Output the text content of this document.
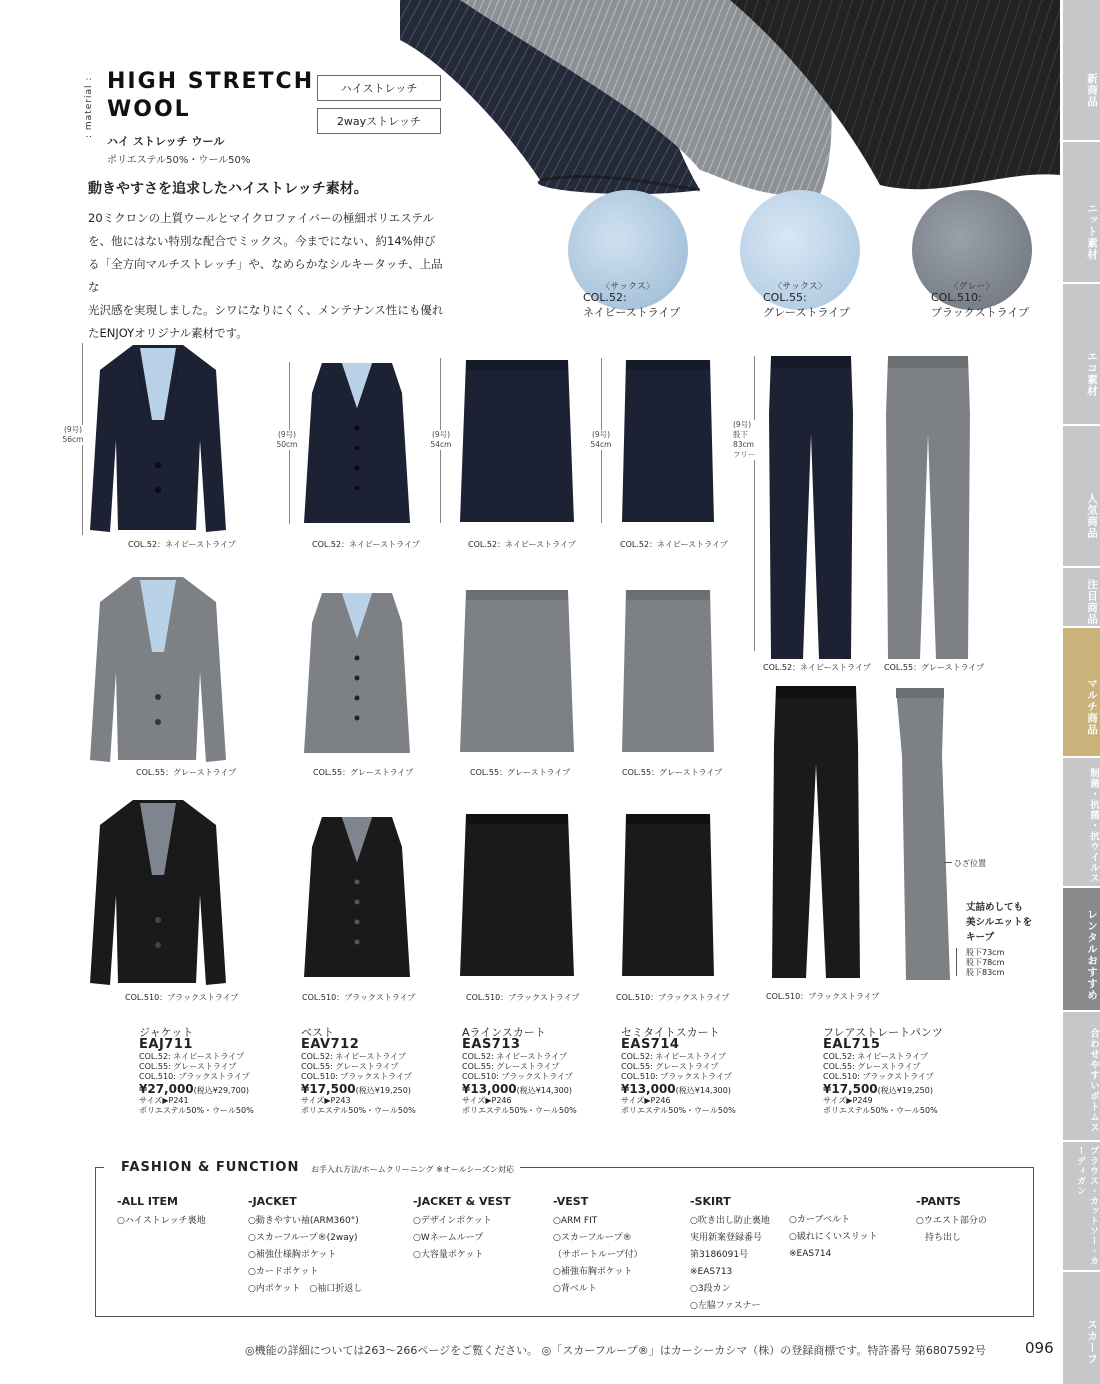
: material : HIGH STRETCH
WOOL
ハイ ストレッチ ウール
ポリエステル50%・ウール50%
ハイストレッチ
2wayストレッチ
動きやすさを追求したハイストレッチ素材。
20ミクロンの上質ウールとマイクロファイバーの極細ポリエステル
を、他にはない特別な配合でミックス。今までにない、約14%伸び
る「全方向マルチストレッチ」や、なめらかなシルキータッチ、上品な
光沢感を実現しました。シワになりにくく、メンテナンス性にも優れ
たENJOYオリジナル素材です。
〈サックス〉	〈サックス〉	〈グレー〉
COL.52:
ネイビーストライプ
COL.55:
グレーストライプ
COL.510:
ブラックストライプ
(9号)
56cm
(9号)
50cm
(9号)
54cm
(9号)
54cm
(9号)
股下
83cm
フリー
COL.52：ネイビーストライプ	COL.52：ネイビーストライプ	COL.52：ネイビーストライプ	COL.52：ネイビーストライプ
COL.52：ネイビーストライプ COL.55：グレーストライプ
COL.55：グレーストライプ	COL.55：グレーストライプ	COL.55：グレーストライプ	COL.55：グレーストライプ
COL.510：ブラックストライプ	COL.510：ブラックストライプ	COL.510：ブラックストライプ	COL.510：ブラックストライプ	COL.510：ブラックストライプ
ひざ位置
丈詰めしても
美シルエットを
キープ
股下73cm
股下78cm
股下83cm
ジャケット
EAJ711
COL.52: ネイビーストライプ
COL.55: グレーストライプ
COL.510: ブラックストライプ
¥27,000(税込¥29,700)
サイズ▶P241
ポリエステル50%・ウール50%
ベスト
EAV712
COL.52: ネイビーストライプ
COL.55: グレーストライプ
COL.510: ブラックストライプ
¥17,500(税込¥19,250)
サイズ▶P243
ポリエステル50%・ウール50%
Aラインスカート
EAS713
COL.52: ネイビーストライプ
COL.55: グレーストライプ
COL.510: ブラックストライプ
¥13,000(税込¥14,300)
サイズ▶P246
ポリエステル50%・ウール50%
セミタイトスカート
EAS714
COL.52: ネイビーストライプ
COL.55: グレーストライプ
COL.510: ブラックストライプ
¥13,000(税込¥14,300)
サイズ▶P246
ポリエステル50%・ウール50%
フレアストレートパンツ
EAL715
COL.52: ネイビーストライプ
COL.55: グレーストライプ
COL.510: ブラックストライプ
¥17,500(税込¥19,250)
サイズ▶P249
ポリエステル50%・ウール50%
FASHION & FUNCTION	お手入れ方法/ホームクリーニング ※オールシーズン対応
-ALL ITEM
○ハイストレッチ裏地
-JACKET
○動きやすい袖(ARM360°)
○スカーフループ®(2way)
○補強仕様胸ポケット
○カードポケット
○内ポケット　○袖口折返し
-JACKET & VEST
○デザインポケット
○Wネームループ
○大容量ポケット
-VEST
○ARM FIT
○スカーフループ®
（サポートループ付）
○補強布胸ポケット
○背ベルト
-SKIRT
○吹き出し防止裏地
実用新案登録番号
第3186091号
※EAS713
○3段カン
○左脇ファスナー
○カーブベルト
○破れにくいスリット
※EAS714
-PANTS
○ウエスト部分の
　持ち出し
◎機能の詳細については263〜266ページをご覧ください。 ◎「スカーフループ®」はカーシーカシマ（株）の登録商標です。特許番号 第6807592号	096
新商品
ニット素材
エコ素材
人気商品
注目商品
マルチ商品
制菌・抗菌・抗ウイルス
レンタルおすすめ
合わせやすいボトムス
ブラウス・カットソー・カーディガン
スカーフ
